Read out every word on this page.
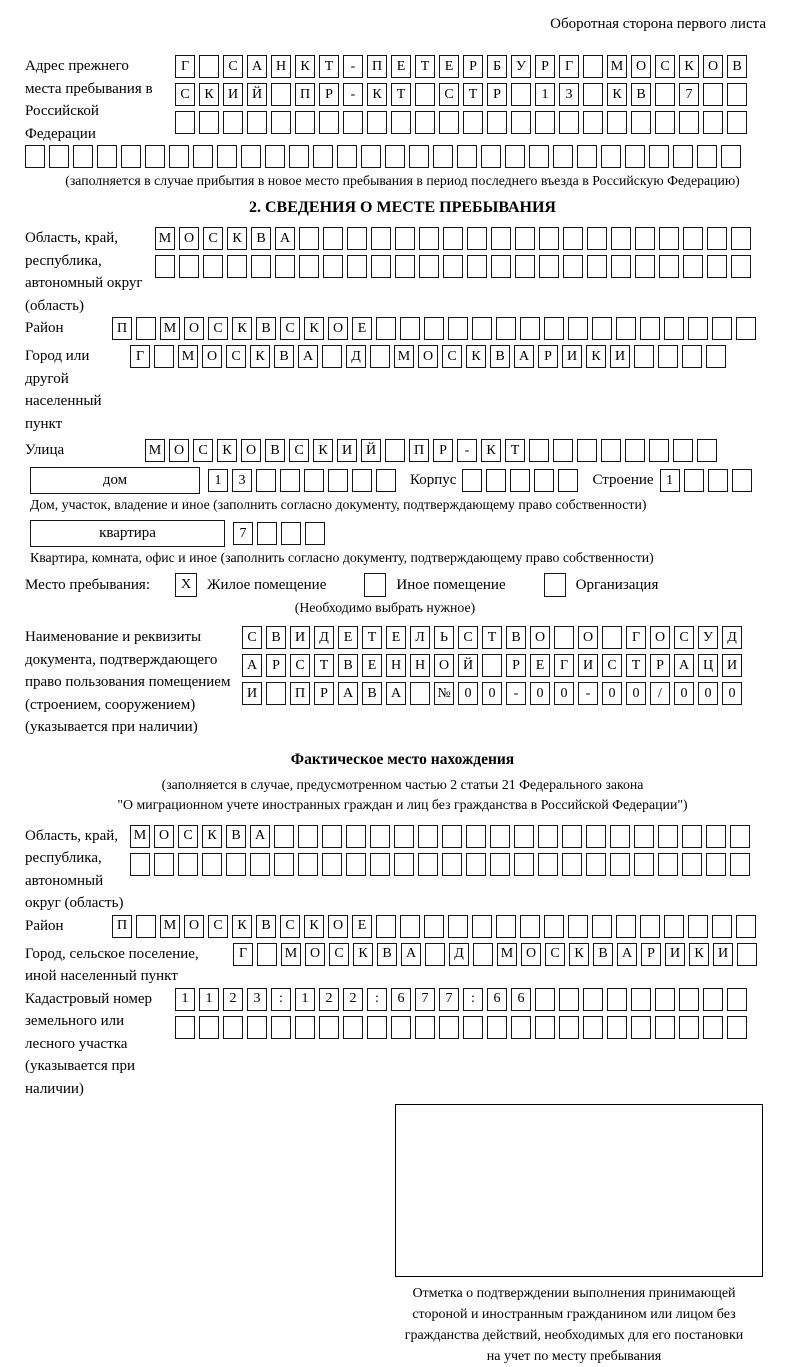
Оборотная сторона первого листа
Адрес прежнего места пребывания в Российской Федерации
Г	С	А Н	К	Т	-	П	Е	Т	Е	Р	Б	У	Р	Г	М О	С	К	О	В
С	К	И Й	П	Р	-	К	Т	С	Т	Р	1	3	К	В	7
(заполняется в случае прибытия в новое место пребывания в период последнего въезда в Российскую Федерацию)
2. СВЕДЕНИЯ О МЕСТЕ ПРЕБЫВАНИЯ
Область, край, республика, автономный округ (область)
М О	С	К	В	А
Район	П	М О	С	К	В	С	К	О	Е
Город или другой населенный пункт
Г	М О	С	К	В	А	Д	М О	С	К	В	А	Р	И	К	И
Улица	М О	С	К	О	В	С	К	И Й	П	Р	-	К	Т
дом	1	3	Корпус	Строение 1
Дом, участок, владение и иное (заполнить согласно документу, подтверждающему право собственности)
квартира	7
Квартира, комната, офис и иное (заполнить согласно документу, подтверждающему право собственности)
Место пребывания:	X	Жилое помещение	Иное помещение	Организация
(Необходимо выбрать нужное)
Наименование и реквизиты документа, подтверждающего право пользования помещением (строением, сооружением) (указывается при наличии)
С	В	И	Д	Е	Т	Е	Л	Ь	С	Т	В	О	О	Г	О	С	У	Д
А	Р	С	Т	В	Е	Н Н О Й	Р	Е	Г	И	С	Т	Р	А Ц И
И	П	Р	А	В	А	№ 0	0	-	0	0	-	0	0	/	0	0	0
Фактическое место нахождения
(заполняется в случае, предусмотренном частью 2 статьи 21 Федерального закона
"О миграционном учете иностранных граждан и лиц без гражданства в Российской Федерации")
Область, край, республика, автономный округ (область)
М О	С	К	В	А
Район	П	М О	С	К	В	С	К	О	Е
Город, сельское поселение, иной населенный пункт
Г	М О	С	К	В	А	Д	М О	С	К	В	А	Р	И	К	И
Кадастровый номер земельного или лесного участка (указывается при наличии)
1	1	2	3	:	1	2	2	:	6	7	7	:	6	6
Отметка о подтверждении выполнения принимающей
стороной и иностранным гражданином или лицом без
гражданства действий, необходимых для его постановки
на учет по месту пребывания
